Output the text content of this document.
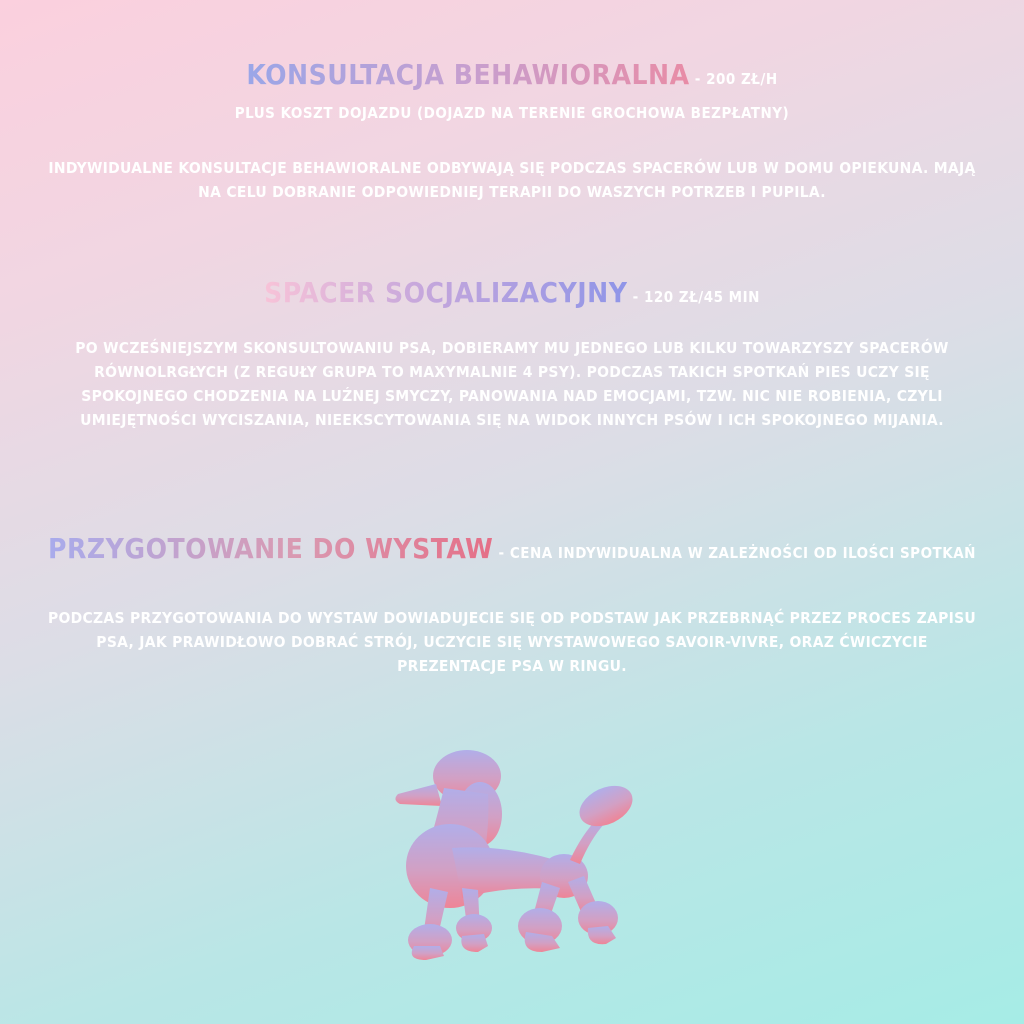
KONSULTACJA BEHAWIORALNA - 200 ZŁ/H
PLUS KOSZT DOJAZDU (DOJAZD NA TERENIE GROCHOWA BEZPŁATNY)
INDYWIDUALNE KONSULTACJE BEHAWIORALNE ODBYWAJĄ SIĘ PODCZAS SPACERÓW LUB W DOMU OPIEKUNA. MAJĄ NA CELU DOBRANIE ODPOWIEDNIEJ TERAPII DO WASZYCH POTRZEB I PUPILA.
SPACER SOCJALIZACYJNY - 120 ZŁ/45 MIN
PO WCZEŚNIEJSZYM SKONSULTOWANIU PSA, DOBIERAMY MU JEDNEGO LUB KILKU TOWARZYSZY SPACERÓW RÓWNOLRGŁYCH (Z REGUŁY GRUPA TO MAXYMALNIE 4 PSY). PODCZAS TAKICH SPOTKAŃ PIES UCZY SIĘ SPOKOJNEGO CHODZENIA NA LUŹNEJ SMYCZY, PANOWANIA NAD EMOCJAMI, TZW. NIC NIE ROBIENIA, CZYLI UMIEJĘTNOŚCI WYCISZANIA, NIEEKSCYTOWANIA SIĘ NA WIDOK INNYCH PSÓW I ICH SPOKOJNEGO MIJANIA.
PRZYGOTOWANIE DO WYSTAW - CENA INDYWIDUALNA W ZALEŻNOŚCI OD ILOŚCI SPOTKAŃ
PODCZAS PRZYGOTOWANIA DO WYSTAW DOWIADUJECIE SIĘ OD PODSTAW JAK PRZEBRNĄĆ PRZEZ PROCES ZAPISU PSA, JAK PRAWIDŁOWO DOBRAĆ STRÓJ, UCZYCIE SIĘ WYSTAWOWEGO SAVOIR-VIVRE, ORAZ ĆWICZYCIE PREZENTACJE PSA W RINGU.
